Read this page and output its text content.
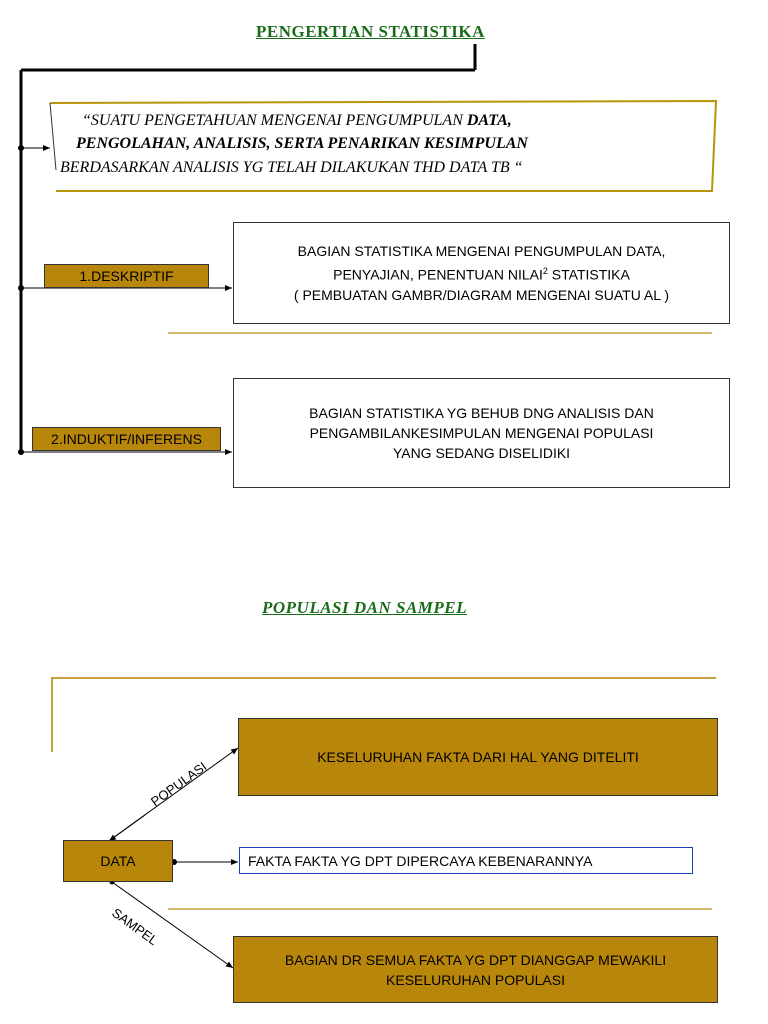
PENGERTIAN STATISTIKA
“SUATU PENGETAHUAN MENGENAI PENGUMPULAN DATA,
PENGOLAHAN, ANALISIS, SERTA PENARIKAN KESIMPULAN
BERDASARKAN ANALISIS YG TELAH DILAKUKAN THD DATA TB “
1.DESKRIPTIF
BAGIAN STATISTIKA MENGENAI PENGUMPULAN DATA,
PENYAJIAN, PENENTUAN NILAI$^2$ STATISTIKA
( PEMBUATAN GAMBR/DIAGRAM MENGENAI SUATU AL )
2.INDUKTIF/INFERENS
BAGIAN STATISTIKA YG BEHUB DNG ANALISIS DAN
PENGAMBILANKESIMPULAN MENGENAI POPULASI
YANG SEDANG DISELIDIKI
POPULASI DAN SAMPEL
KESELURUHAN FAKTA DARI HAL YANG DITELITI
DATA	FAKTA FAKTA YG DPT DIPERCAYA KEBENARANNYA
BAGIAN DR SEMUA FAKTA YG DPT DIANGGAP MEWAKILI
KESELURUHAN POPULASI
POPULASI
SAMPEL
